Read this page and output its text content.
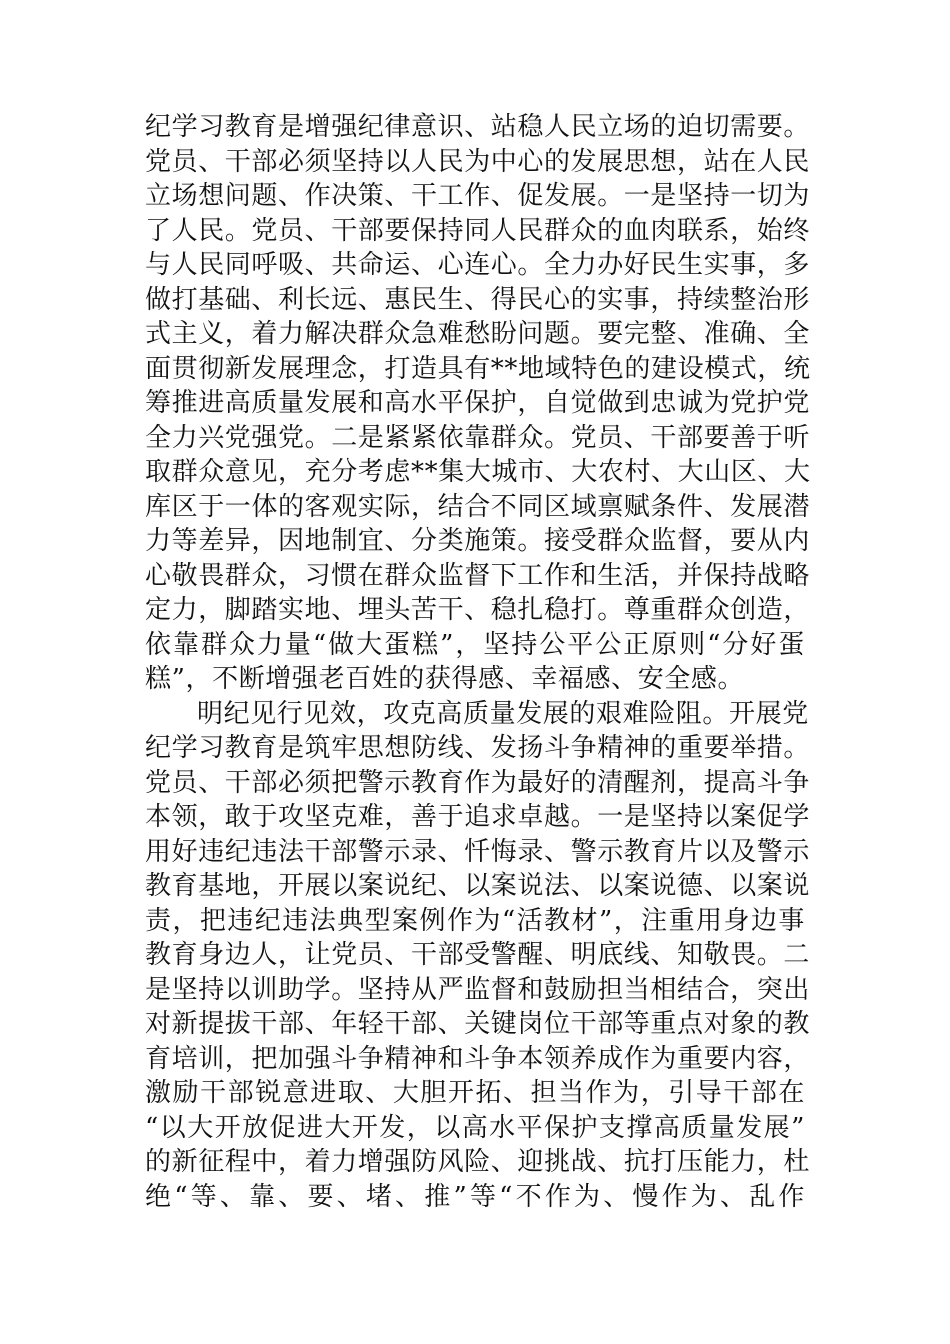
纪学习教育是增强纪律意识、站稳人民立场的迫切需要。
党员、干部必须坚持以人民为中心的发展思想，站在人民
立场想问题、作决策、干工作、促发展。一是坚持一切为
了人民。党员、干部要保持同人民群众的血肉联系，始终
与人民同呼吸、共命运、心连心。全力办好民生实事，多
做打基础、利长远、惠民生、得民心的实事，持续整治形
式主义，着力解决群众急难愁盼问题。要完整、准确、全
面贯彻新发展理念，打造具有**地域特色的建设模式，统
筹推进高质量发展和高水平保护，自觉做到忠诚为党护党
全力兴党强党。二是紧紧依靠群众。党员、干部要善于听
取群众意见，充分考虑**集大城市、大农村、大山区、大
库区于一体的客观实际，结合不同区域禀赋条件、发展潜
力等差异，因地制宜、分类施策。接受群众监督，要从内
心敬畏群众，习惯在群众监督下工作和生活，并保持战略
定力，脚踏实地、埋头苦干、稳扎稳打。尊重群众创造，
依靠群众力量“做大蛋糕”，坚持公平公正原则“分好蛋
糕”，不断增强老百姓的获得感、幸福感、安全感。
明纪见行见效，攻克高质量发展的艰难险阻。开展党
纪学习教育是筑牢思想防线、发扬斗争精神的重要举措。
党员、干部必须把警示教育作为最好的清醒剂，提高斗争
本领，敢于攻坚克难，善于追求卓越。一是坚持以案促学
用好违纪违法干部警示录、忏悔录、警示教育片以及警示
教育基地，开展以案说纪、以案说法、以案说德、以案说
责，把违纪违法典型案例作为“活教材”，注重用身边事
教育身边人，让党员、干部受警醒、明底线、知敬畏。二
是坚持以训助学。坚持从严监督和鼓励担当相结合，突出
对新提拔干部、年轻干部、关键岗位干部等重点对象的教
育培训，把加强斗争精神和斗争本领养成作为重要内容，
激励干部锐意进取、大胆开拓、担当作为，引导干部在
“以大开放促进大开发，以高水平保护支撑高质量发展”
的新征程中，着力增强防风险、迎挑战、抗打压能力，杜
绝“等、靠、要、堵、推”等“不作为、慢作为、乱作
